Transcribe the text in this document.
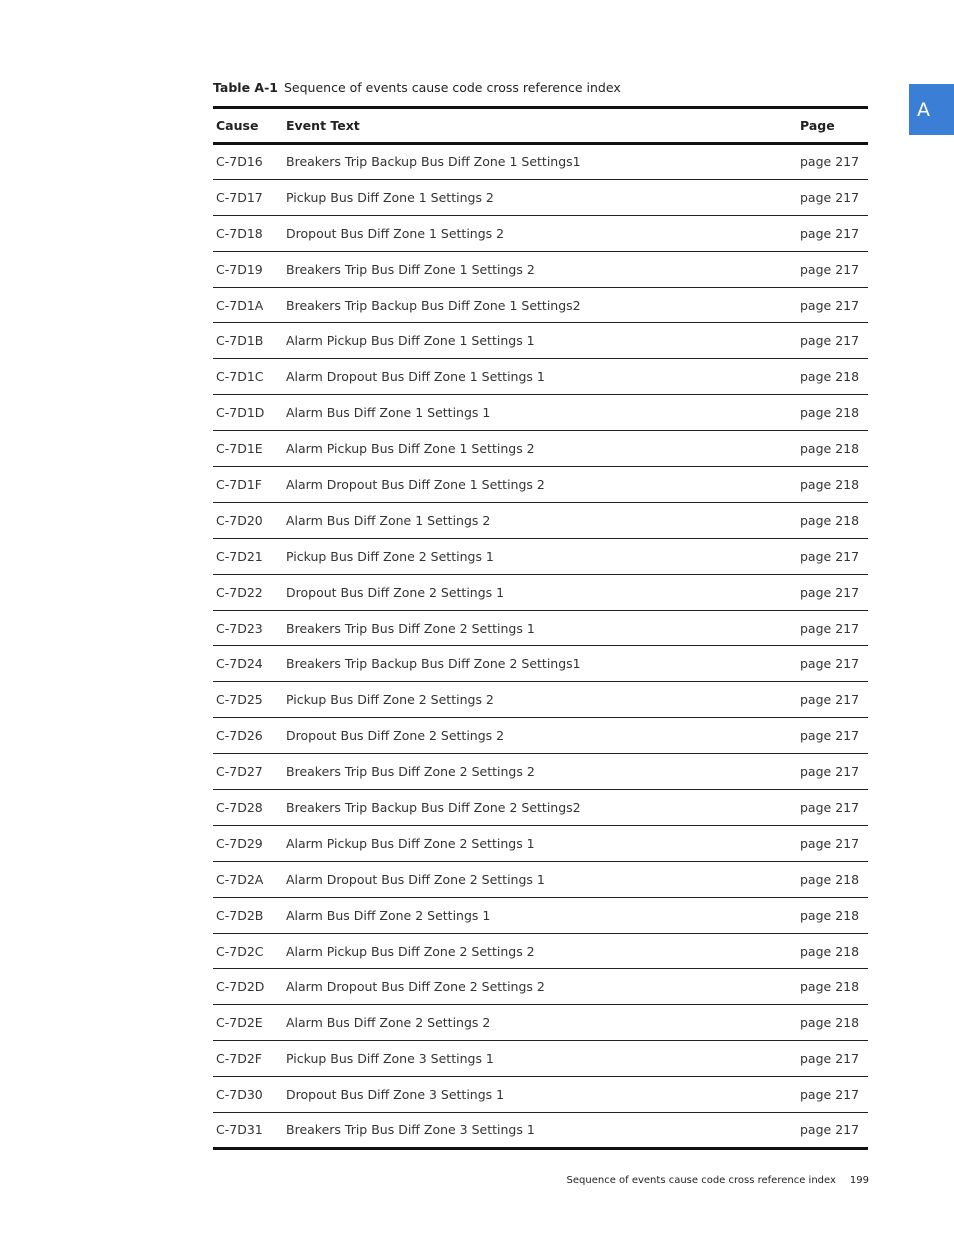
Table A-1 Sequence of events cause code cross reference index
A
Cause	Event Text	Page
C-7D16	Breakers Trip Backup Bus Diff Zone 1 Settings1	page 217
C-7D17	Pickup Bus Diff Zone 1 Settings 2	page 217
C-7D18	Dropout Bus Diff Zone 1 Settings 2	page 217
C-7D19	Breakers Trip Bus Diff Zone 1 Settings 2	page 217
C-7D1A	Breakers Trip Backup Bus Diff Zone 1 Settings2	page 217
C-7D1B	Alarm Pickup Bus Diff Zone 1 Settings 1	page 217
C-7D1C	Alarm Dropout Bus Diff Zone 1 Settings 1	page 218
C-7D1D	Alarm Bus Diff Zone 1 Settings 1	page 218
C-7D1E	Alarm Pickup Bus Diff Zone 1 Settings 2	page 218
C-7D1F	Alarm Dropout Bus Diff Zone 1 Settings 2	page 218
C-7D20	Alarm Bus Diff Zone 1 Settings 2	page 218
C-7D21	Pickup Bus Diff Zone 2 Settings 1	page 217
C-7D22	Dropout Bus Diff Zone 2 Settings 1	page 217
C-7D23	Breakers Trip Bus Diff Zone 2 Settings 1	page 217
C-7D24	Breakers Trip Backup Bus Diff Zone 2 Settings1	page 217
C-7D25	Pickup Bus Diff Zone 2 Settings 2	page 217
C-7D26	Dropout Bus Diff Zone 2 Settings 2	page 217
C-7D27	Breakers Trip Bus Diff Zone 2 Settings 2	page 217
C-7D28	Breakers Trip Backup Bus Diff Zone 2 Settings2	page 217
C-7D29	Alarm Pickup Bus Diff Zone 2 Settings 1	page 217
C-7D2A	Alarm Dropout Bus Diff Zone 2 Settings 1	page 218
C-7D2B	Alarm Bus Diff Zone 2 Settings 1	page 218
C-7D2C	Alarm Pickup Bus Diff Zone 2 Settings 2	page 218
C-7D2D	Alarm Dropout Bus Diff Zone 2 Settings 2	page 218
C-7D2E	Alarm Bus Diff Zone 2 Settings 2	page 218
C-7D2F	Pickup Bus Diff Zone 3 Settings 1	page 217
C-7D30	Dropout Bus Diff Zone 3 Settings 1	page 217
C-7D31	Breakers Trip Bus Diff Zone 3 Settings 1	page 217
Sequence of events cause code cross reference index 199
